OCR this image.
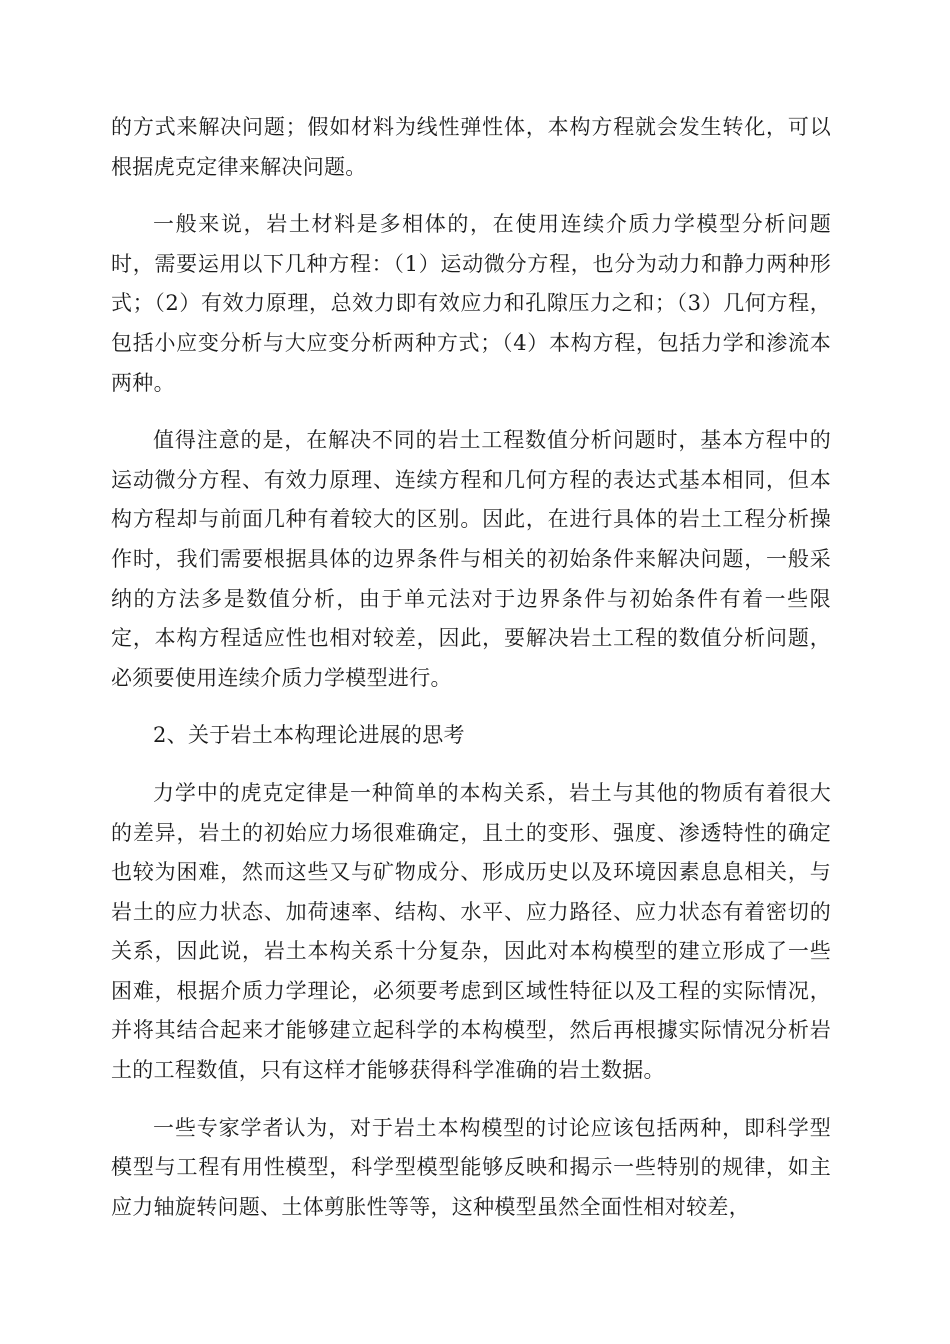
的方式来解决问题；假如材料为线性弹性体，本构方程就会发生转化，可以根据虎克定律来解决问题。

一般来说，岩土材料是多相体的，在使用连续介质力学模型分析问题时，需要运用以下几种方程：（1）运动微分方程，也分为动力和静力两种形式；（2）有效力原理，总效力即有效应力和孔隙压力之和；（3）几何方程，包括小应变分析与大应变分析两种方式；（4）本构方程，包括力学和渗流本两种。

值得注意的是，在解决不同的岩土工程数值分析问题时，基本方程中的运动微分方程、有效力原理、连续方程和几何方程的表达式基本相同，但本构方程却与前面几种有着较大的区别。因此，在进行具体的岩土工程分析操作时，我们需要根据具体的边界条件与相关的初始条件来解决问题，一般采纳的方法多是数值分析，由于单元法对于边界条件与初始条件有着一些限定，本构方程适应性也相对较差，因此，要解决岩土工程的数值分析问题，必须要使用连续介质力学模型进行。

2、关于岩土本构理论进展的思考

力学中的虎克定律是一种简单的本构关系，岩土与其他的物质有着很大的差异，岩土的初始应力场很难确定，且土的变形、强度、渗透特性的确定也较为困难，然而这些又与矿物成分、形成历史以及环境因素息息相关，与岩土的应力状态、加荷速率、结构、水平、应力路径、应力状态有着密切的关系，因此说，岩土本构关系十分复杂，因此对本构模型的建立形成了一些困难，根据介质力学理论，必须要考虑到区域性特征以及工程的实际情况，并将其结合起来才能够建立起科学的本构模型，然后再根據实际情况分析岩土的工程数值，只有这样才能够获得科学准确的岩土数据。

一些专家学者认为，对于岩土本构模型的讨论应该包括两种，即科学型模型与工程有用性模型，科学型模型能够反映和揭示一些特别的规律，如主应力轴旋转问题、土体剪胀性等等，这种模型虽然全面性相对较差，
